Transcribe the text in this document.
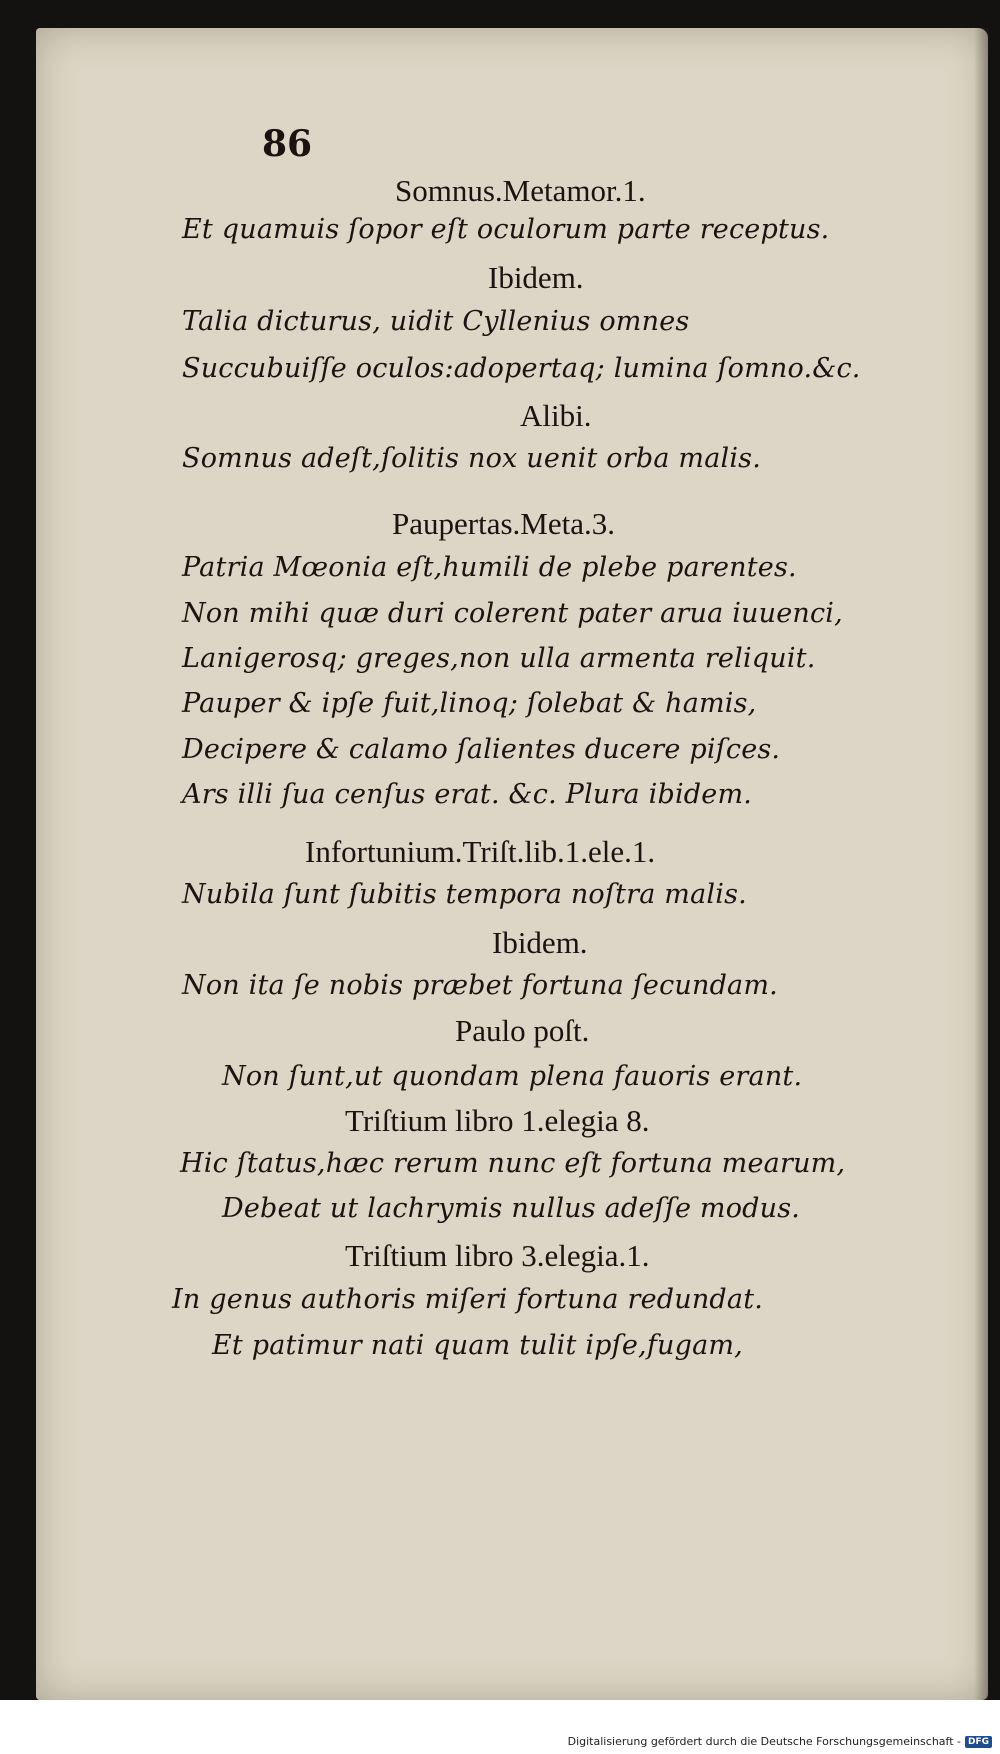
86
Somnus.Metamor.1.
Et quamuis ſopor eſt oculorum parte receptus.
Ibidem.
Talia dicturus, uidit Cyllenius omnes
Succubuiſſe oculos:adopertaq; lumina ſomno.&c.
Alibi.
Somnus adeſt,ſolitis nox uenit orba malis.
Paupertas.Meta.3.
Patria Mœonia eſt,humili de plebe parentes.
Non mihi quæ duri colerent pater arua iuuenci,
Lanigerosq; greges,non ulla armenta reliquit.
Pauper & ipſe fuit,linoq; ſolebat & hamis,
Decipere & calamo ſalientes ducere piſces.
Ars illi ſua cenſus erat. &c. Plura ibidem.
Infortunium.Triſt.lib.1.ele.1.
Nubila ſunt ſubitis tempora noſtra malis.
Ibidem.
Non ita ſe nobis præbet fortuna ſecundam.
Paulo poſt.
Non ſunt,ut quondam plena fauoris erant.
Triſtium libro 1.elegia 8.
Hic ſtatus,hæc rerum nunc eſt fortuna mearum,
Debeat ut lachrymis nullus adeſſe modus.
Triſtium libro 3.elegia.1.
In genus authoris miſeri fortuna redundat.
Et patimur nati quam tulit ipſe,fugam,
Digitalisierung gefördert durch die Deutsche Forschungsgemeinschaft - DFG
